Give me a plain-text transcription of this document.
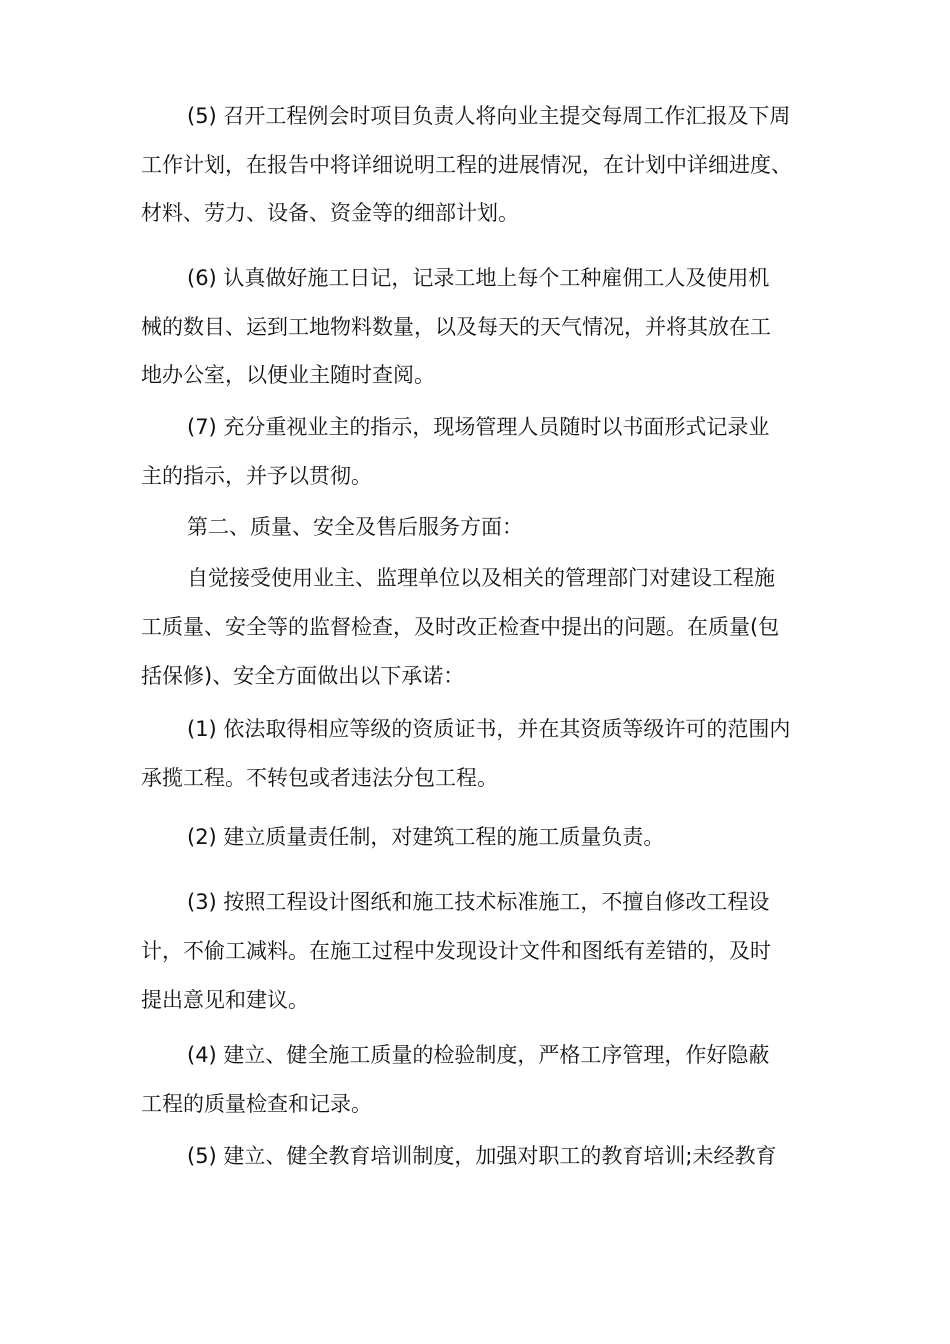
(5) 召开工程例会时项目负责人将向业主提交每周工作汇报及下周
工作计划，在报告中将详细说明工程的进展情况，在计划中详细进度、
材料、劳力、设备、资金等的细部计划。
(6) 认真做好施工日记，记录工地上每个工种雇佣工人及使用机
械的数目、运到工地物料数量，以及每天的天气情况，并将其放在工
地办公室，以便业主随时查阅。
(7) 充分重视业主的指示，现场管理人员随时以书面形式记录业
主的指示，并予以贯彻。
第二、质量、安全及售后服务方面：
自觉接受使用业主、监理单位以及相关的管理部门对建设工程施
工质量、安全等的监督检查，及时改正检查中提出的问题。在质量(包
括保修)、安全方面做出以下承诺：
(1) 依法取得相应等级的资质证书，并在其资质等级许可的范围内
承揽工程。不转包或者违法分包工程。
(2) 建立质量责任制，对建筑工程的施工质量负责。
(3) 按照工程设计图纸和施工技术标准施工，不擅自修改工程设
计，不偷工减料。在施工过程中发现设计文件和图纸有差错的，及时
提出意见和建议。
(4) 建立、健全施工质量的检验制度，严格工序管理，作好隐蔽
工程的质量检查和记录。
(5) 建立、健全教育培训制度，加强对职工的教育培训;未经教育
